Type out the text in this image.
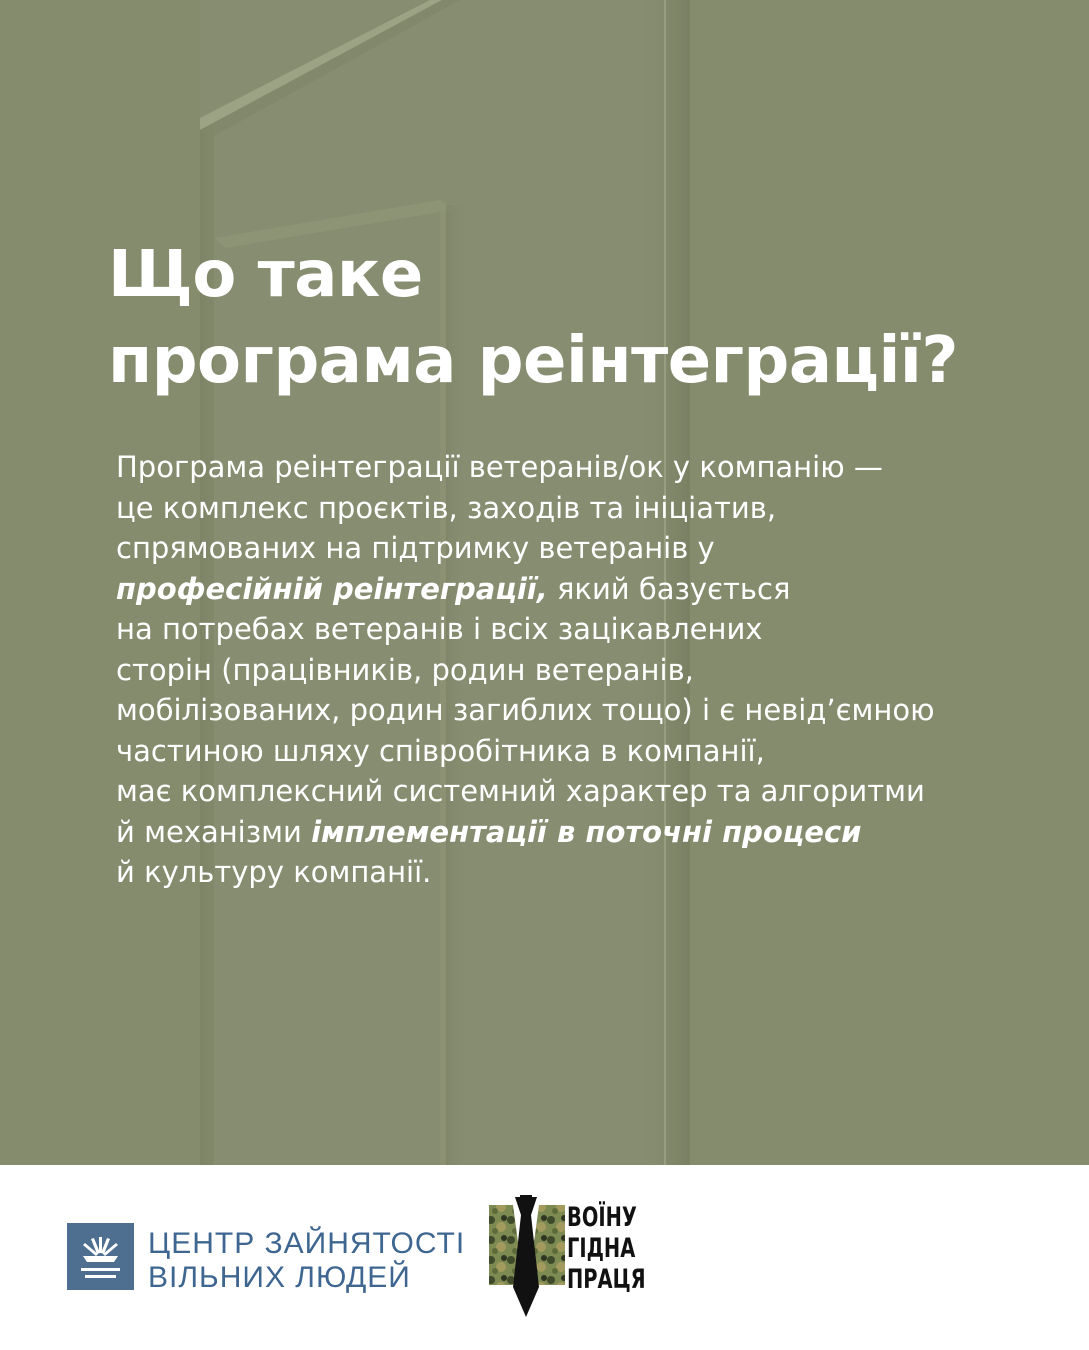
Що таке
програма реінтеграції?
Програма реінтеграції ветеранів/ок у компанію —
це комплекс проєктів, заходів та ініціатив,
спрямованих на підтримку ветеранів у
професійній реінтеграції, який базується
на потребах ветеранів і всіх зацікавлених
сторін (працівників, родин ветеранів,
мобілізованих, родин загиблих тощо) і є невід’ємною
частиною шляху співробітника в компанії,
має комплексний системний характер та алгоритми
й механізми імплементації в поточні процеси
й культуру компанії.
ЦЕНТР ЗАЙНЯТОСТІ
ВІЛЬНИХ ЛЮДЕЙ
ВОЇНУ
ГІДНА
ПРАЦЯ
